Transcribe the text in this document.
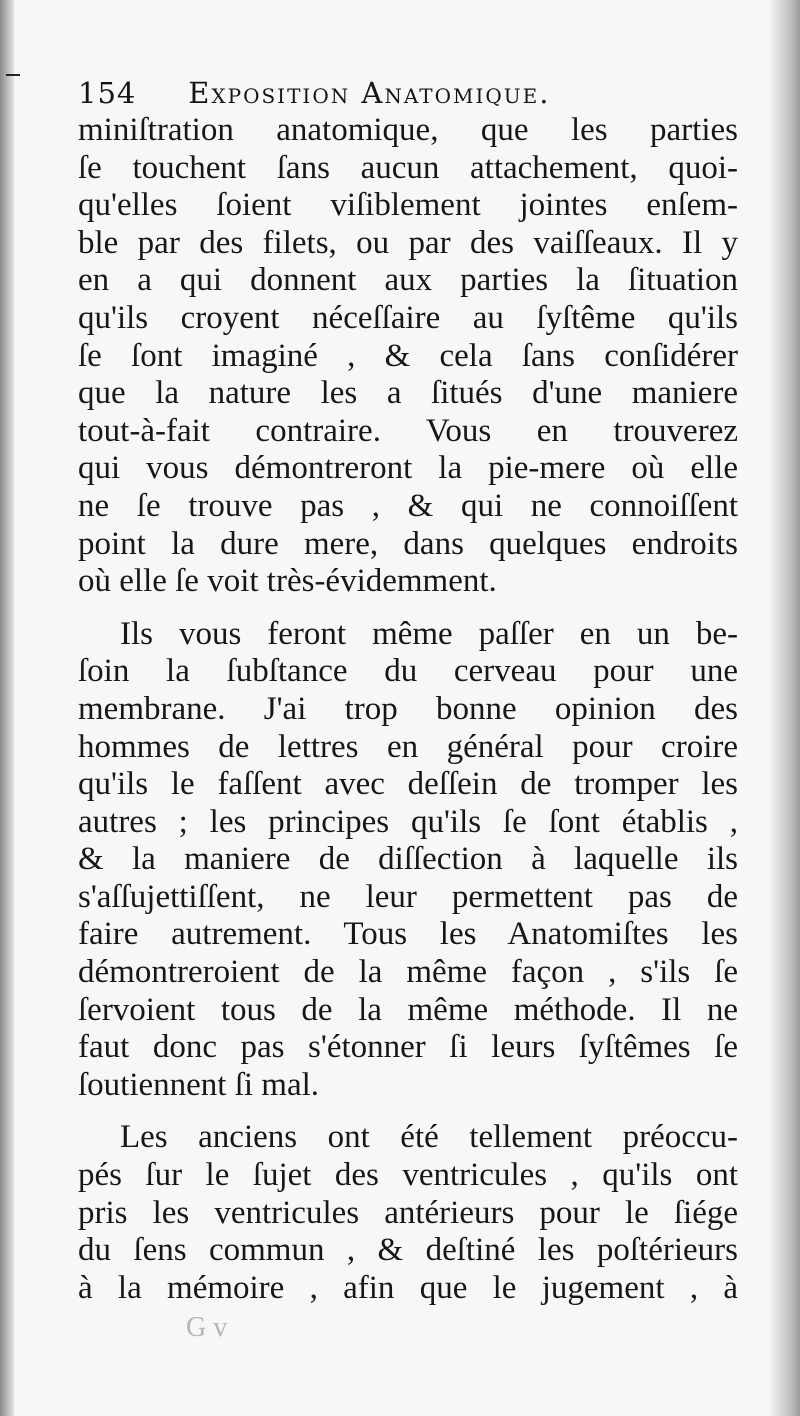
154 Exposition Anatomique.
miniſtration anatomique, que les parties
ſe touchent ſans aucun attachement, quoi-
qu'elles ſoient viſiblement jointes enſem-
ble par des filets, ou par des vaiſſeaux. Il y
en a qui donnent aux parties la ſituation
qu'ils croyent néceſſaire au ſyſtême qu'ils
ſe ſont imaginé , & cela ſans conſidérer
que la nature les a ſitués d'une maniere
tout-à-fait contraire. Vous en trouverez
qui vous démontreront la pie-mere où elle
ne ſe trouve pas , & qui ne connoiſſent
point la dure mere, dans quelques endroits
où elle ſe voit très-évidemment.
Ils vous feront même paſſer en un be-
ſoin la ſubſtance du cerveau pour une
membrane. J'ai trop bonne opinion des
hommes de lettres en général pour croire
qu'ils le faſſent avec deſſein de tromper les
autres ; les principes qu'ils ſe ſont établis ,
& la maniere de diſſection à laquelle ils
s'aſſujettiſſent, ne leur permettent pas de
faire autrement. Tous les Anatomiſtes les
démontreroient de la même façon , s'ils ſe
ſervoient tous de la même méthode. Il ne
faut donc pas s'étonner ſi leurs ſyſtêmes ſe
ſoutiennent ſi mal.
Les anciens ont été tellement préoccu-
pés ſur le ſujet des ventricules , qu'ils ont
pris les ventricules antérieurs pour le ſiége
du ſens commun , & deſtiné les poſtérieurs
à la mémoire , afin que le jugement , à
G v
